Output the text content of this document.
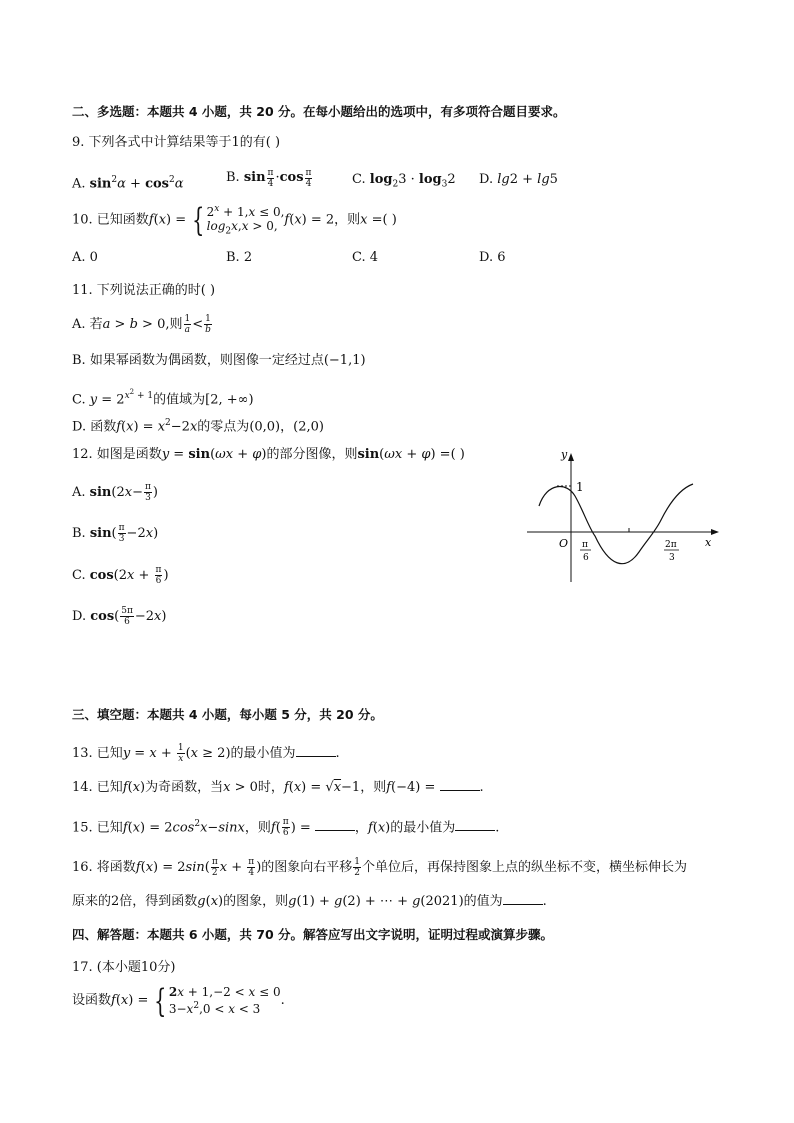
二、多选题：本题共 4 小题，共 20 分。在每小题给出的选项中，有多项符合题目要求。
9. 下列各式中计算结果等于1的有( )
A. $\sin^2\alpha + \cos^2\alpha$	B. $\sin \frac{\pi}{4} \cdot\cos \frac{\pi}{4}$	C. $\log_23 \cdot \log_32$ D. lg2 + lg5
10. 已知函数f(x) = { $2^x + 1,x \le 0$,
$\log_2x,x > 0$, f(x) = 2，则x =( )
A. 0	B. 2	C. 4	D. 6
11. 下列说法正确的时( )
A. 若a > b > 0,则 $\frac{1}{a} < \frac{1}{b}$
B. 如果幂函数为偶函数，则图像一定经过点(−1,1)
C. $y = 2^{x^2 + 1}$的值域为[2, +∞)
D. 函数$f(x) = x^2-2x$的零点为(0,0)，(2,0)
12. 如图是函数y = sin(ωx + φ)的部分图像，则sin(ωx + φ) =( )
A. $\sin(2x- \frac{\pi}{3}$ )
B. $\sin( \frac{\pi}{3} -2x)$
C. $\cos(2x + \frac{\pi}{6}$ )
D. $\cos( \frac{5\pi}{6} -2x)$
y
x
O
1
π
6
2π
3
三、填空题：本题共 4 小题，每小题 5 分，共 20 分。
13. 已知$y = x + \frac{1}{x} (x \ge 2)$的最小值为	.
14. 已知f(x)为奇函数，当x > 0时，f(x) = √x−1，则f(−4) =	.
15. 已知$f(x) = 2\cos^2x-\sin x$，则$f( \frac{\pi}{6}$ ) =	，f(x)的最小值为	.
16. 将函数$f(x) = 2\sin( \frac{\pi}{2}$ $x + \frac{\pi}{4}$ )的图象向右平移 $\frac{1}{2}$ 个单位后，再保持图象上点的纵坐标不变，横坐标伸长为
原来的2倍，得到函数g(x)的图象，则g(1) + g(2) + ⋯ + g(2021)的值为	.
四、解答题：本题共 6 小题，共 70 分。解答应写出文字说明，证明过程或演算步骤。
17. (本小题10分)
设函数f(x) = { 2x + 1,−2 < x ≤ 0
$3-x^2,0 < x < 3$
.
